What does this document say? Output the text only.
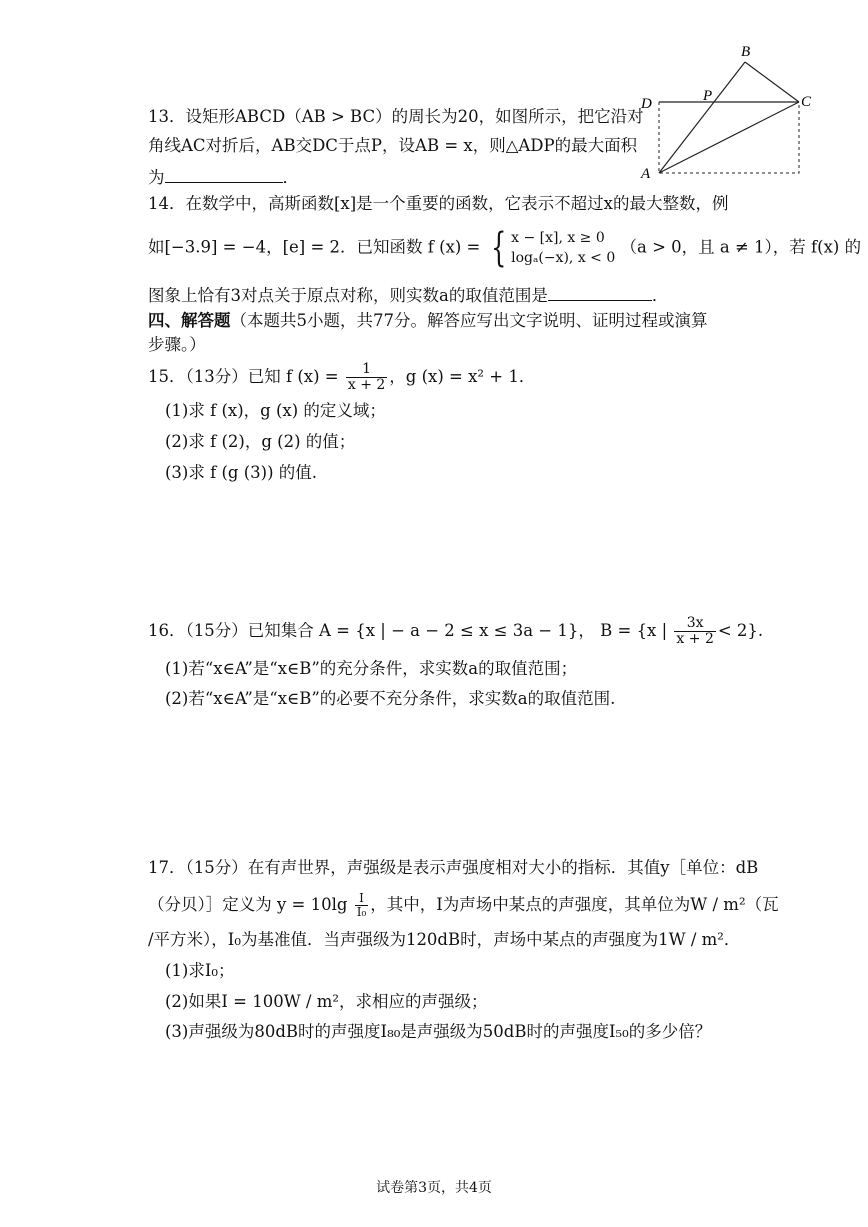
13．设矩形ABCD（AB > BC）的周长为20，如图所示，把它沿对
角线AC对折后，AB交DC于点P，设AB = x，则△ADP的最大面积
为	．
B
D	P	C
A
14．在数学中，高斯函数[x]是一个重要的函数，它表示不超过x的最大整数，例
如[−3.9] = −4，[e] = 2．已知函数 f (x) = { x − [x], x ≥ 0
logₐ(−x), x < 0
（a > 0，且 a ≠ 1），若 f(x) 的
图象上恰有3对点关于原点对称，则实数a的取值范围是	．
四、解答题（本题共5小题，共77分。解答应写出文字说明、证明过程或演算
步骤。）
15．（13分）已知 f $(x) = \frac{1}{x + 2}$ ，g (x) = x² + 1．
(1)求 f (x)，g (x) 的定义域；
(2)求 f (2)，g (2) 的值；
(3)求 f (g (3)) 的值.
16．（15分）已知集合 A = {x | − a − 2 ≤ x ≤ 3a − 1}， B = {x | $\frac{3x}{x + 2} < 2$}.
(1)若“x∈A”是“x∈B”的充分条件，求实数a的取值范围；
(2)若“x∈A”是“x∈B”的必要不充分条件，求实数a的取值范围.
17．（15分）在有声世界，声强级是表示声强度相对大小的指标．其值y［单位：dB
（分贝）］定义为 $y = 10\lg \frac{I}{\text{I₀}}$ ，其中，I为声场中某点的声强度，其单位为W / m²（瓦
/平方米），I₀为基准值．当声强级为120dB时，声场中某点的声强度为1W / m²．
(1)求I₀；
(2)如果I = 100W / m²，求相应的声强级；
(3)声强级为80dB时的声强度I₈₀是声强级为50dB时的声强度I₅₀的多少倍？
试卷第3页，共4页
